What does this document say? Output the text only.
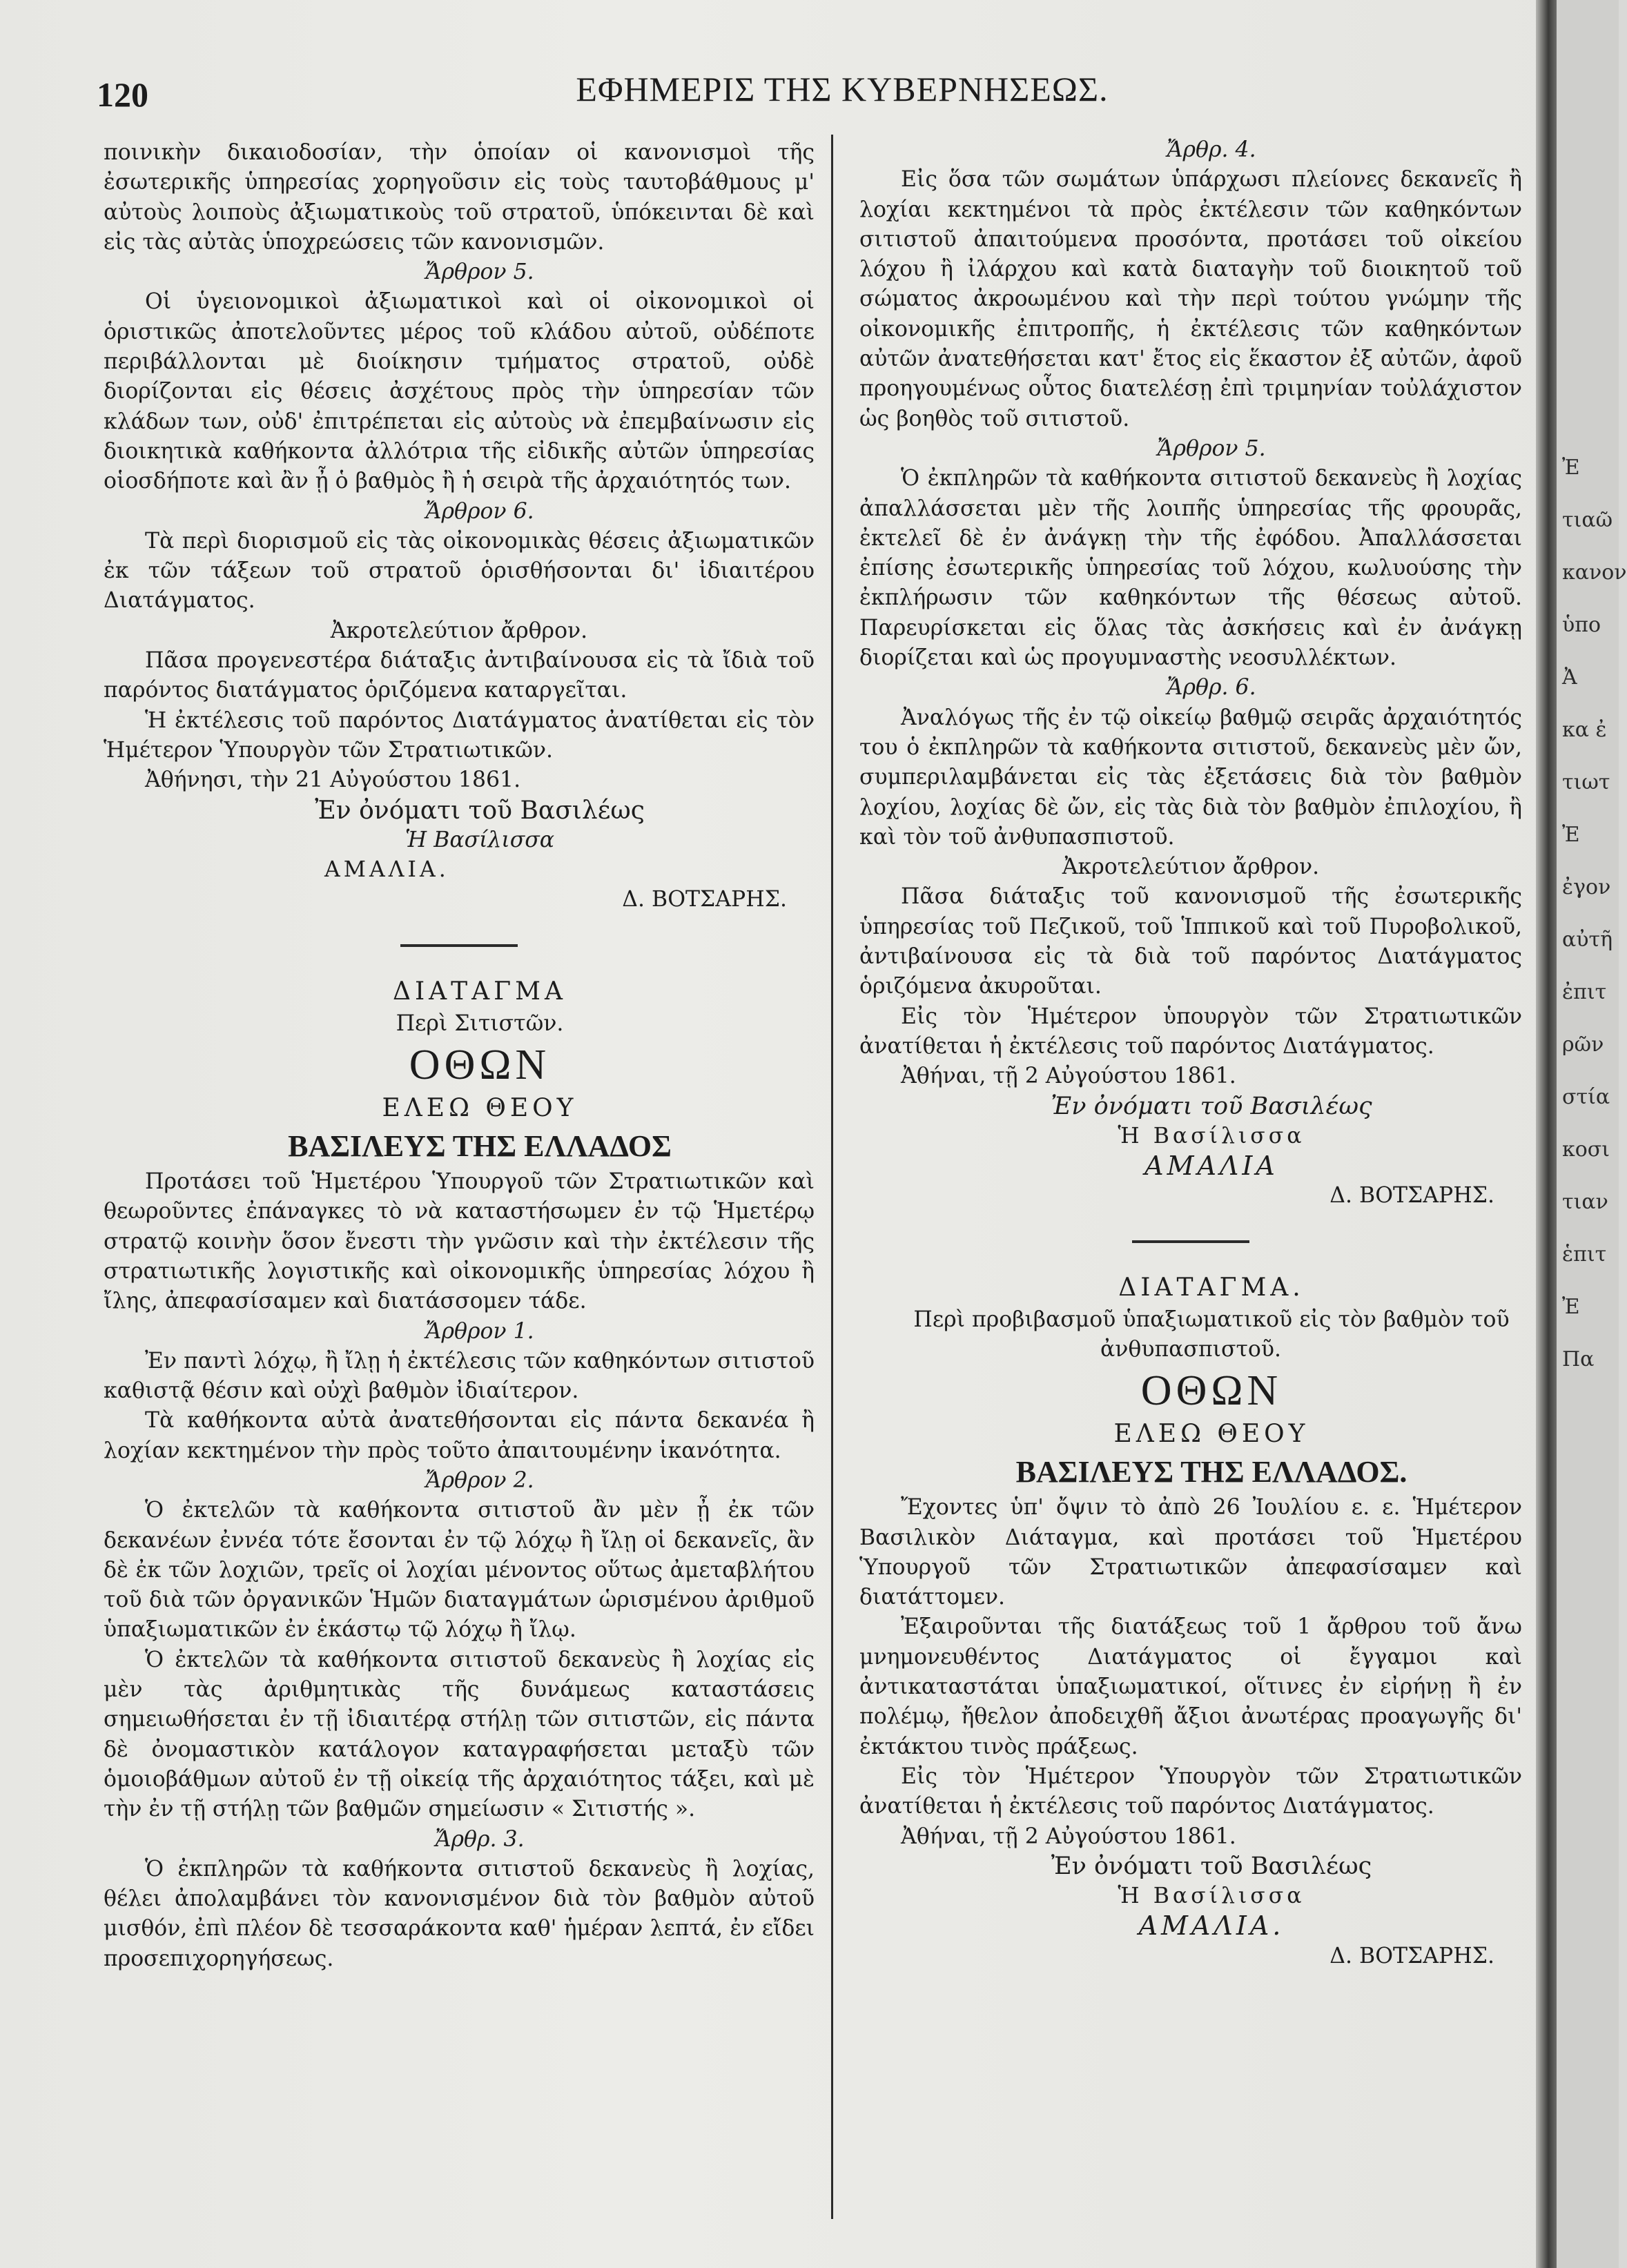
120	ΕΦΗΜΕΡΙΣ ΤΗΣ ΚΥΒΕΡΝΗΣΕΩΣ.

ποινικὴν δικαιοδοσίαν, τὴν ὁποίαν οἱ κανονισμοὶ τῆς ἐσωτερικῆς ὑπηρεσίας χορηγοῦσιν εἰς τοὺς ταυτοβάθμους μ' αὐτοὺς λοιποὺς ἀξιωματικοὺς τοῦ στρατοῦ, ὑπόκεινται δὲ καὶ εἰς τὰς αὐτὰς ὑποχρεώσεις τῶν κανονισμῶν.

Ἄρθρον 5.

Οἱ ὑγειονομικοὶ ἀξιωματικοὶ καὶ οἱ οἰκονομικοὶ οἱ ὁριστικῶς ἀποτελοῦντες μέρος τοῦ κλάδου αὐτοῦ, οὐδέποτε περιβάλλονται μὲ διοίκησιν τμήματος στρατοῦ, οὐδὲ διορίζονται εἰς θέσεις ἀσχέτους πρὸς τὴν ὑπηρεσίαν τῶν κλάδων των, οὐδ' ἐπιτρέπεται εἰς αὐτοὺς νὰ ἐπεμβαίνωσιν εἰς διοικητικὰ καθήκοντα ἀλλότρια τῆς εἰδικῆς αὐτῶν ὑπηρεσίας οἱοσδήποτε καὶ ἂν ᾖ ὁ βαθμὸς ἢ ἡ σειρὰ τῆς ἀρχαιότητός των.

Ἄρθρον 6.

Τὰ περὶ διορισμοῦ εἰς τὰς οἰκονομικὰς θέσεις ἀξιωματικῶν ἐκ τῶν τάξεων τοῦ στρατοῦ ὁρισθήσονται δι' ἰδιαιτέρου Διατάγματος.

Ἀκροτελεύτιον ἄρθρον.

Πᾶσα προγενεστέρα διάταξις ἀντιβαίνουσα εἰς τὰ ἴδιὰ τοῦ παρόντος διατάγματος ὁριζόμενα καταργεῖται.

Ἡ ἐκτέλεσις τοῦ παρόντος Διατάγματος ἀνατίθεται εἰς τὸν Ἡμέτερον Ὑπουργὸν τῶν Στρατιωτικῶν.

Ἀθήνησι, τὴν 21 Αὐγούστου 1861.

Ἐν ὀνόματι τοῦ Βασιλέως

Ἡ Βασίλισσα

ΑΜΑΛΙΑ.

Δ. ΒΟΤΣΑΡΗΣ.

ΔΙΑΤΑΓΜΑ

Περὶ Σιτιστῶν.

ΟΘΩΝ

ΕΛΕΩ ΘΕΟΥ

ΒΑΣΙΛΕΥΣ ΤΗΣ ΕΛΛΑΔΟΣ

Προτάσει τοῦ Ἡμετέρου Ὑπουργοῦ τῶν Στρατιωτικῶν καὶ θεωροῦντες ἐπάναγκες τὸ νὰ καταστήσωμεν ἐν τῷ Ἡμετέρῳ στρατῷ κοινὴν ὅσον ἔνεστι τὴν γνῶσιν καὶ τὴν ἐκτέλεσιν τῆς στρατιωτικῆς λογιστικῆς καὶ οἰκονομικῆς ὑπηρεσίας λόχου ἢ ἴλης, ἀπεφασίσαμεν καὶ διατάσσομεν τάδε.

Ἄρθρον 1.

Ἐν παντὶ λόχῳ, ἢ ἴλῃ ἡ ἐκτέλεσις τῶν καθηκόντων σιτιστοῦ καθιστᾷ θέσιν καὶ οὐχὶ βαθμὸν ἰδιαίτερον.

Τὰ καθήκοντα αὐτὰ ἀνατεθήσονται εἰς πάντα δεκανέα ἢ λοχίαν κεκτημένον τὴν πρὸς τοῦτο ἀπαιτουμένην ἱκανότητα.

Ἄρθρον 2.

Ὁ ἐκτελῶν τὰ καθήκοντα σιτιστοῦ ἂν μὲν ᾖ ἐκ τῶν δεκανέων ἐννέα τότε ἔσονται ἐν τῷ λόχῳ ἢ ἴλῃ οἱ δεκανεῖς, ἂν δὲ ἐκ τῶν λοχιῶν, τρεῖς οἱ λοχίαι μένοντος οὕτως ἀμεταβλήτου τοῦ διὰ τῶν ὀργανικῶν Ἡμῶν διαταγμάτων ὡρισμένου ἀριθμοῦ ὑπαξιωματικῶν ἐν ἑκάστῳ τῷ λόχῳ ἢ ἴλῳ.

Ὁ ἐκτελῶν τὰ καθήκοντα σιτιστοῦ δεκανεὺς ἢ λοχίας εἰς μὲν τὰς ἀριθμητικὰς τῆς δυνάμεως καταστάσεις σημειωθήσεται ἐν τῇ ἰδιαιτέρᾳ στήλῃ τῶν σιτιστῶν, εἰς πάντα δὲ ὀνομαστικὸν κατάλογον καταγραφήσεται μεταξὺ τῶν ὁμοιοβάθμων αὐτοῦ ἐν τῇ οἰκείᾳ τῆς ἀρχαιότητος τάξει, καὶ μὲ τὴν ἐν τῇ στήλῃ τῶν βαθμῶν σημείωσιν « Σιτιστής ».

Ἄρθρ. 3.

Ὁ ἐκπληρῶν τὰ καθήκοντα σιτιστοῦ δεκανεὺς ἢ λοχίας, θέλει ἀπολαμβάνει τὸν κανονισμένον διὰ τὸν βαθμὸν αὐτοῦ μισθόν, ἐπὶ πλέον δὲ τεσσαράκοντα καθ' ἡμέραν λεπτά, ἐν εἴδει προσεπιχορηγήσεως.

Ἄρθρ. 4.

Εἰς ὅσα τῶν σωμάτων ὑπάρχωσι πλείονες δεκανεῖς ἢ λοχίαι κεκτημένοι τὰ πρὸς ἐκτέλεσιν τῶν καθηκόντων σιτιστοῦ ἀπαιτούμενα προσόντα, προτάσει τοῦ οἰκείου λόχου ἢ ἰλάρχου καὶ κατὰ διαταγὴν τοῦ διοικητοῦ τοῦ σώματος ἀκροωμένου καὶ τὴν περὶ τούτου γνώμην τῆς οἰκονομικῆς ἐπιτροπῆς, ἡ ἐκτέλεσις τῶν καθηκόντων αὐτῶν ἀνατεθήσεται κατ' ἔτος εἰς ἕκαστον ἐξ αὐτῶν, ἀφοῦ προηγουμένως οὗτος διατελέσῃ ἐπὶ τριμηνίαν τοὐλάχιστον ὡς βοηθὸς τοῦ σιτιστοῦ.

Ἄρθρον 5.

Ὁ ἐκπληρῶν τὰ καθήκοντα σιτιστοῦ δεκανεὺς ἢ λοχίας ἀπαλλάσσεται μὲν τῆς λοιπῆς ὑπηρεσίας τῆς φρουρᾶς, ἐκτελεῖ δὲ ἐν ἀνάγκῃ τὴν τῆς ἐφόδου. Ἀπαλλάσσεται ἐπίσης ἐσωτερικῆς ὑπηρεσίας τοῦ λόχου, κωλυούσης τὴν ἐκπλήρωσιν τῶν καθηκόντων τῆς θέσεως αὐτοῦ. Παρευρίσκεται εἰς ὅλας τὰς ἀσκήσεις καὶ ἐν ἀνάγκῃ διορίζεται καὶ ὡς προγυμναστὴς νεοσυλλέκτων.

Ἄρθρ. 6.

Ἀναλόγως τῆς ἐν τῷ οἰκείῳ βαθμῷ σειρᾶς ἀρχαιότητός του ὁ ἐκπληρῶν τὰ καθήκοντα σιτιστοῦ, δεκανεὺς μὲν ὤν, συμπεριλαμβάνεται εἰς τὰς ἐξετάσεις διὰ τὸν βαθμὸν λοχίου, λοχίας δὲ ὤν, εἰς τὰς διὰ τὸν βαθμὸν ἐπιλοχίου, ἢ καὶ τὸν τοῦ ἀνθυπασπιστοῦ.

Ἀκροτελεύτιον ἄρθρον.

Πᾶσα διάταξις τοῦ κανονισμοῦ τῆς ἐσωτερικῆς ὑπηρεσίας τοῦ Πεζικοῦ, τοῦ Ἱππικοῦ καὶ τοῦ Πυροβολικοῦ, ἀντιβαίνουσα εἰς τὰ διὰ τοῦ παρόντος Διατάγματος ὁριζόμενα ἀκυροῦται.

Εἰς τὸν Ἡμέτερον ὑπουργὸν τῶν Στρατιωτικῶν ἀνατίθεται ἡ ἐκτέλεσις τοῦ παρόντος Διατάγματος.

Ἀθήναι, τῇ 2 Αὐγούστου 1861.

Ἐν ὀνόματι τοῦ Βασιλέως

Ἡ Βασίλισσα

ΑΜΑΛΙΑ

Δ. ΒΟΤΣΑΡΗΣ.

ΔΙΑΤΑΓΜΑ.

Περὶ προβιβασμοῦ ὑπαξιωματικοῦ εἰς τὸν βαθμὸν τοῦ ἀνθυπασπιστοῦ.

ΟΘΩΝ

ΕΛΕΩ ΘΕΟΥ

ΒΑΣΙΛΕΥΣ ΤΗΣ ΕΛΛΑΔΟΣ.

Ἔχοντες ὑπ' ὄψιν τὸ ἀπὸ 26 Ἰουλίου ε. ε. Ἡμέτερον Βασιλικὸν Διάταγμα, καὶ προτάσει τοῦ Ἡμετέρου Ὑπουργοῦ τῶν Στρατιωτικῶν ἀπεφασίσαμεν καὶ διατάττομεν.

Ἐξαιροῦνται τῆς διατάξεως τοῦ 1 ἄρθρου τοῦ ἄνω μνημονευθέντος Διατάγματος οἱ ἔγγαμοι καὶ ἀντικαταστάται ὑπαξιωματικοί, οἵτινες ἐν εἰρήνῃ ἢ ἐν πολέμῳ, ἤθελον ἀποδειχθῆ ἄξιοι ἀνωτέρας προαγωγῆς δι' ἐκτάκτου τινὸς πράξεως.

Εἰς τὸν Ἡμέτερον Ὑπουργὸν τῶν Στρατιωτικῶν ἀνατίθεται ἡ ἐκτέλεσις τοῦ παρόντος Διατάγματος.

Ἀθήναι, τῇ 2 Αὐγούστου 1861.

Ἐν ὀνόματι τοῦ Βασιλέως

Ἡ Βασίλισσα

ΑΜΑΛΙΑ.

Δ. ΒΟΤΣΑΡΗΣ.

Ἐ
τιαῶ
κανον
ὑπο
Ἀ
κα ἐ
τιωτ
Ἐ
ἐγον
αὐτῆ
ἐπιτ
ρῶν
στία
κοσι
τιαν
ἑπιτ
Ἐ
Πα
